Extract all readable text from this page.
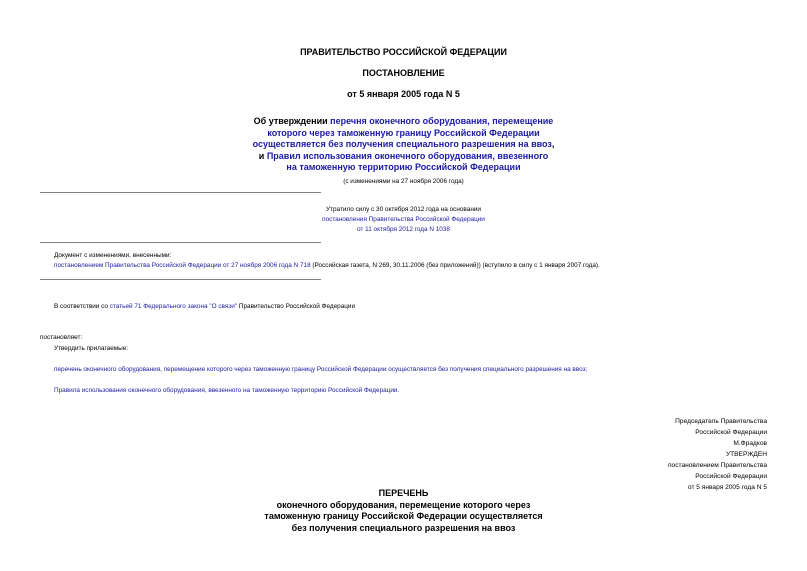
ПРАВИТЕЛЬСТВО РОССИЙСКОЙ ФЕДЕРАЦИИ
ПОСТАНОВЛЕНИЕ
от 5 января 2005 года N 5
Об утверждении перечня оконечного оборудования, перемещение
которого через таможенную границу Российской Федерации
осуществляется без получения специального разрешения на ввоз,
и Правил использования оконечного оборудования, ввезенного
на таможенную территорию Российской Федерации
(с изменениями на 27 ноября 2006 года)
Утратило силу с 30 октября 2012 года на основании
постановления Правительства Российской Федерации
от 11 октября 2012 года N 1038
Документ с изменениями, внесенными:
постановлением Правительства Российской Федерации от 27 ноября 2006 года N 718 (Российская газета, N 269, 30.11.2006 (без приложений)) (вступило в силу с 1 января 2007 года).
В соответствии со статьей 71 Федерального закона "О связи" Правительство Российской Федерации
постановляет:
Утвердить прилагаемые:
перечень оконечного оборудования, перемещение которого через таможенную границу Российской Федерации осуществляется без получения специального разрешения на ввоз;
Правила использования оконечного оборудования, ввезенного на таможенную территорию Российской Федерации.
Председатель Правительства
Российской Федерации
М.Фрадков
УТВЕРЖДЕН
постановлением Правительства
Российской Федерации
от 5 января 2005 года N 5
ПЕРЕЧЕНЬ
оконечного оборудования, перемещение которого через
таможенную границу Российской Федерации осуществляется
без получения специального разрешения на ввоз
